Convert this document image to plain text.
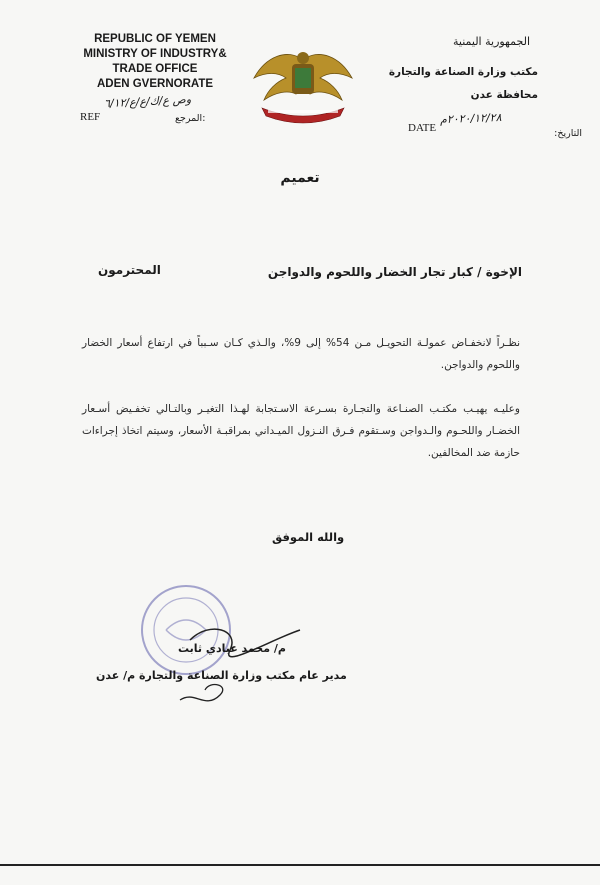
REPUBLIC OF YEMEN
MINISTRY OF INDUSTRY&
TRADE OFFICE
ADEN GVERNORATE
REF
وص ع/ك/ع/ع/٦/١٢
المرجع:
الجمهورية اليمنية
مكتب وزارة الصناعة والتجارة
محافظة عدن
DATE
٢٠٢٠/١٢/٢٨م
التاريخ:
تعميم
الإخوة / كبار تجار الخضار واللحوم والدواجن
المحترمون
نظـراً لانخفـاض عمولـة التحويـل مـن 54% إلى 9%، والـذي كـان سـبباً في ارتفاع أسعار الخضار واللحوم والدواجن.
وعليـه يهيـب مكتـب الصنـاعة والتجـارة بسـرعة الاسـتجابة لهـذا التغيـر وبالتـالي تخفـيض أسـعار الخضـار واللحـوم والـدواجن وسـتقوم فـرق النـزول الميـداني بمراقبـة الأسعار، وسيتم اتخاذ إجراءات حازمة ضد المخالفين.
والله الموفق
م/ محمد عبادي ثابت
مدير عام مكتب وزارة الصناعة والتجارة م/ عدن
